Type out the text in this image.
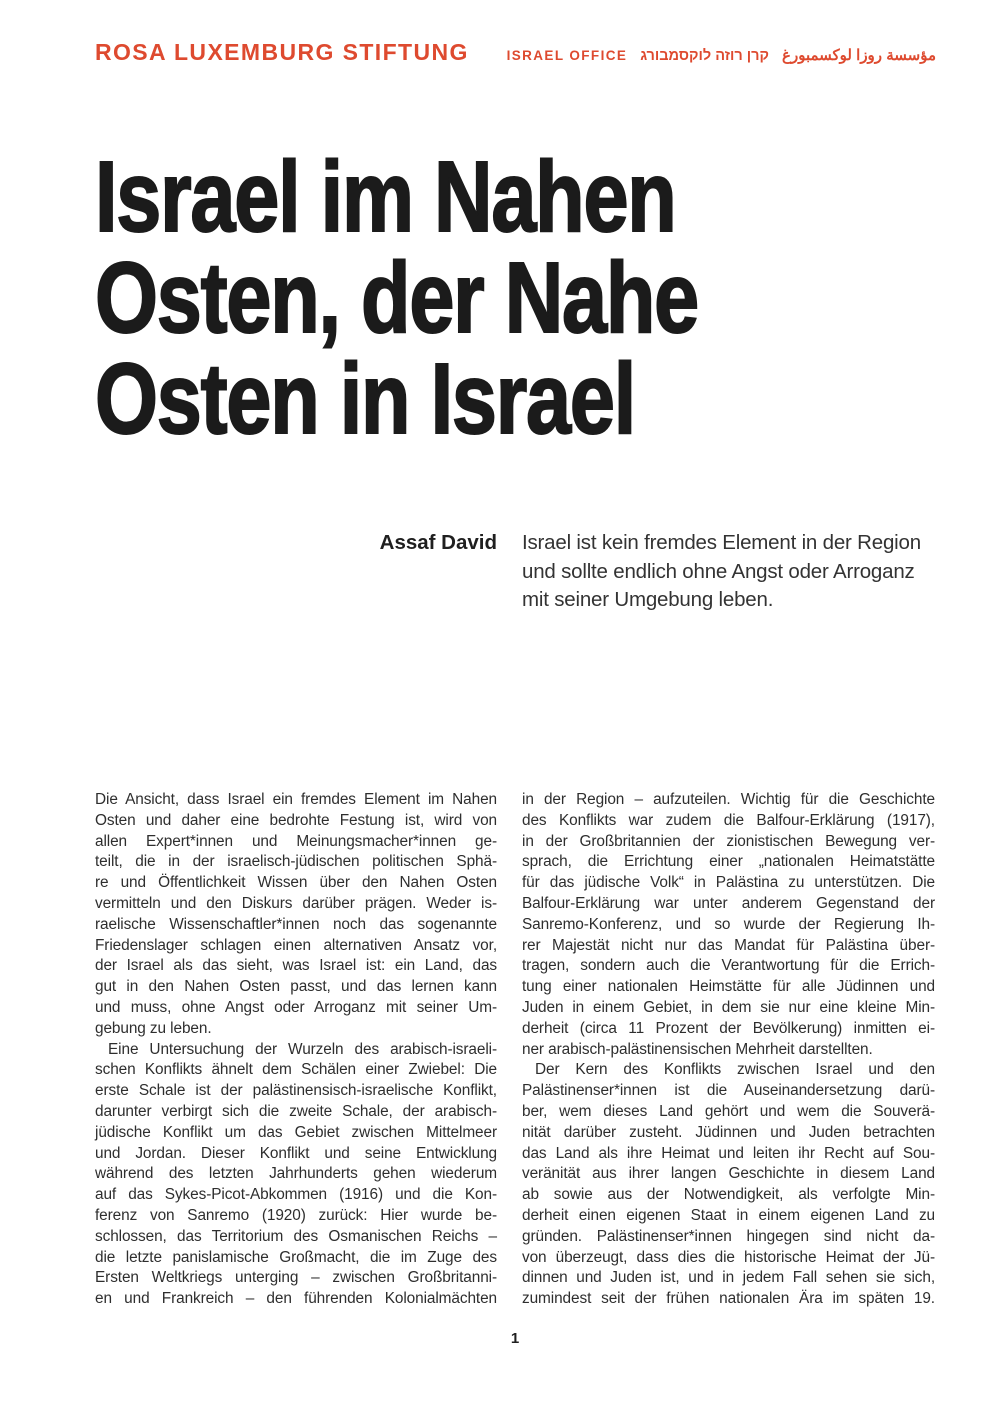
ROSA LUXEMBURG STIFTUNG	ISRAEL OFFICE קרן רוזה לוקסמבורג مؤسسة روزا لوكسمبورغ
Israel im Nahen
Osten, der Nahe
Osten in Israel
Assaf David Israel ist kein fremdes Element in der Region und sollte endlich ohne Angst oder Arroganz mit seiner Umgebung leben.
Die Ansicht, dass Israel ein fremdes Element im Nahen
Osten und daher eine bedrohte Festung ist, wird von
allen Expert*innen und Meinungsmacher*innen ge-
teilt, die in der israelisch-jüdischen politischen Sphä-
re und Öffentlichkeit Wissen über den Nahen Osten
vermitteln und den Diskurs darüber prägen. Weder is-
raelische Wissenschaftler*innen noch das sogenannte
Friedenslager schlagen einen alternativen Ansatz vor,
der Israel als das sieht, was Israel ist: ein Land, das
gut in den Nahen Osten passt, und das lernen kann
und muss, ohne Angst oder Arroganz mit seiner Um-
gebung zu leben.
Eine Untersuchung der Wurzeln des arabisch-israeli-
schen Konflikts ähnelt dem Schälen einer Zwiebel: Die
erste Schale ist der palästinensisch-israelische Konflikt,
darunter verbirgt sich die zweite Schale, der arabisch-
jüdische Konflikt um das Gebiet zwischen Mittelmeer
und Jordan. Dieser Konflikt und seine Entwicklung
während des letzten Jahrhunderts gehen wiederum
auf das Sykes-Picot-Abkommen (1916) und die Kon-
ferenz von Sanremo (1920) zurück: Hier wurde be-
schlossen, das Territorium des Osmanischen Reichs –
die letzte panislamische Großmacht, die im Zuge des
Ersten Weltkriegs unterging – zwischen Großbritanni-
en und Frankreich – den führenden Kolonialmächten
in der Region – aufzuteilen. Wichtig für die Geschichte
des Konflikts war zudem die Balfour-Erklärung (1917),
in der Großbritannien der zionistischen Bewegung ver-
sprach, die Errichtung einer „nationalen Heimatstätte
für das jüdische Volk“ in Palästina zu unterstützen. Die
Balfour-Erklärung war unter anderem Gegenstand der
Sanremo-Konferenz, und so wurde der Regierung Ih-
rer Majestät nicht nur das Mandat für Palästina über-
tragen, sondern auch die Verantwortung für die Errich-
tung einer nationalen Heimstätte für alle Jüdinnen und
Juden in einem Gebiet, in dem sie nur eine kleine Min-
derheit (circa 11 Prozent der Bevölkerung) inmitten ei-
ner arabisch-palästinensischen Mehrheit darstellten.
Der Kern des Konflikts zwischen Israel und den
Palästinenser*innen ist die Auseinandersetzung darü-
ber, wem dieses Land gehört und wem die Souverä-
nität darüber zusteht. Jüdinnen und Juden betrachten
das Land als ihre Heimat und leiten ihr Recht auf Sou-
veränität aus ihrer langen Geschichte in diesem Land
ab sowie aus der Notwendigkeit, als verfolgte Min-
derheit einen eigenen Staat in einem eigenen Land zu
gründen. Palästinenser*innen hingegen sind nicht da-
von überzeugt, dass dies die historische Heimat der Jü-
dinnen und Juden ist, und in jedem Fall sehen sie sich,
zumindest seit der frühen nationalen Ära im späten 19.
1
